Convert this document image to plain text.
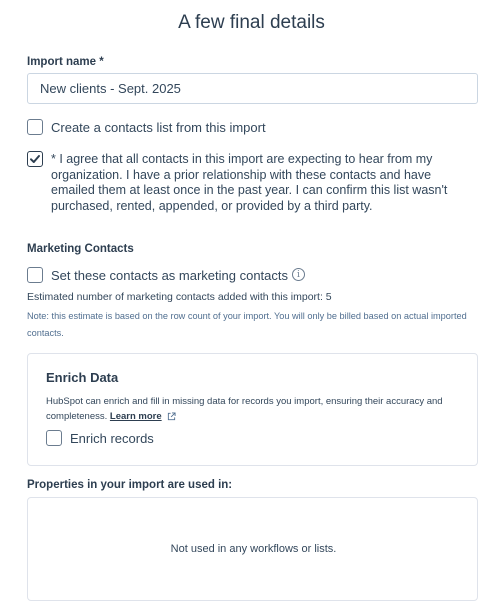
A few final details
Import name *
New clients - Sept. 2025
Create a contacts list from this import
* I agree that all contacts in this import are expecting to hear from my organization. I have a prior relationship with these contacts and have emailed them at least once in the past year. I can confirm this list wasn't purchased, rented, appended, or provided by a third party.
Marketing Contacts
Set these contacts as marketing contacts	i
Estimated number of marketing contacts added with this import: 5
Note: this estimate is based on the row count of your import. You will only be billed based on actual imported contacts.
Enrich Data
HubSpot can enrich and fill in missing data for records you import, ensuring their accuracy and completeness. Learn more
Enrich records
Properties in your import are used in:
Not used in any workflows or lists.
